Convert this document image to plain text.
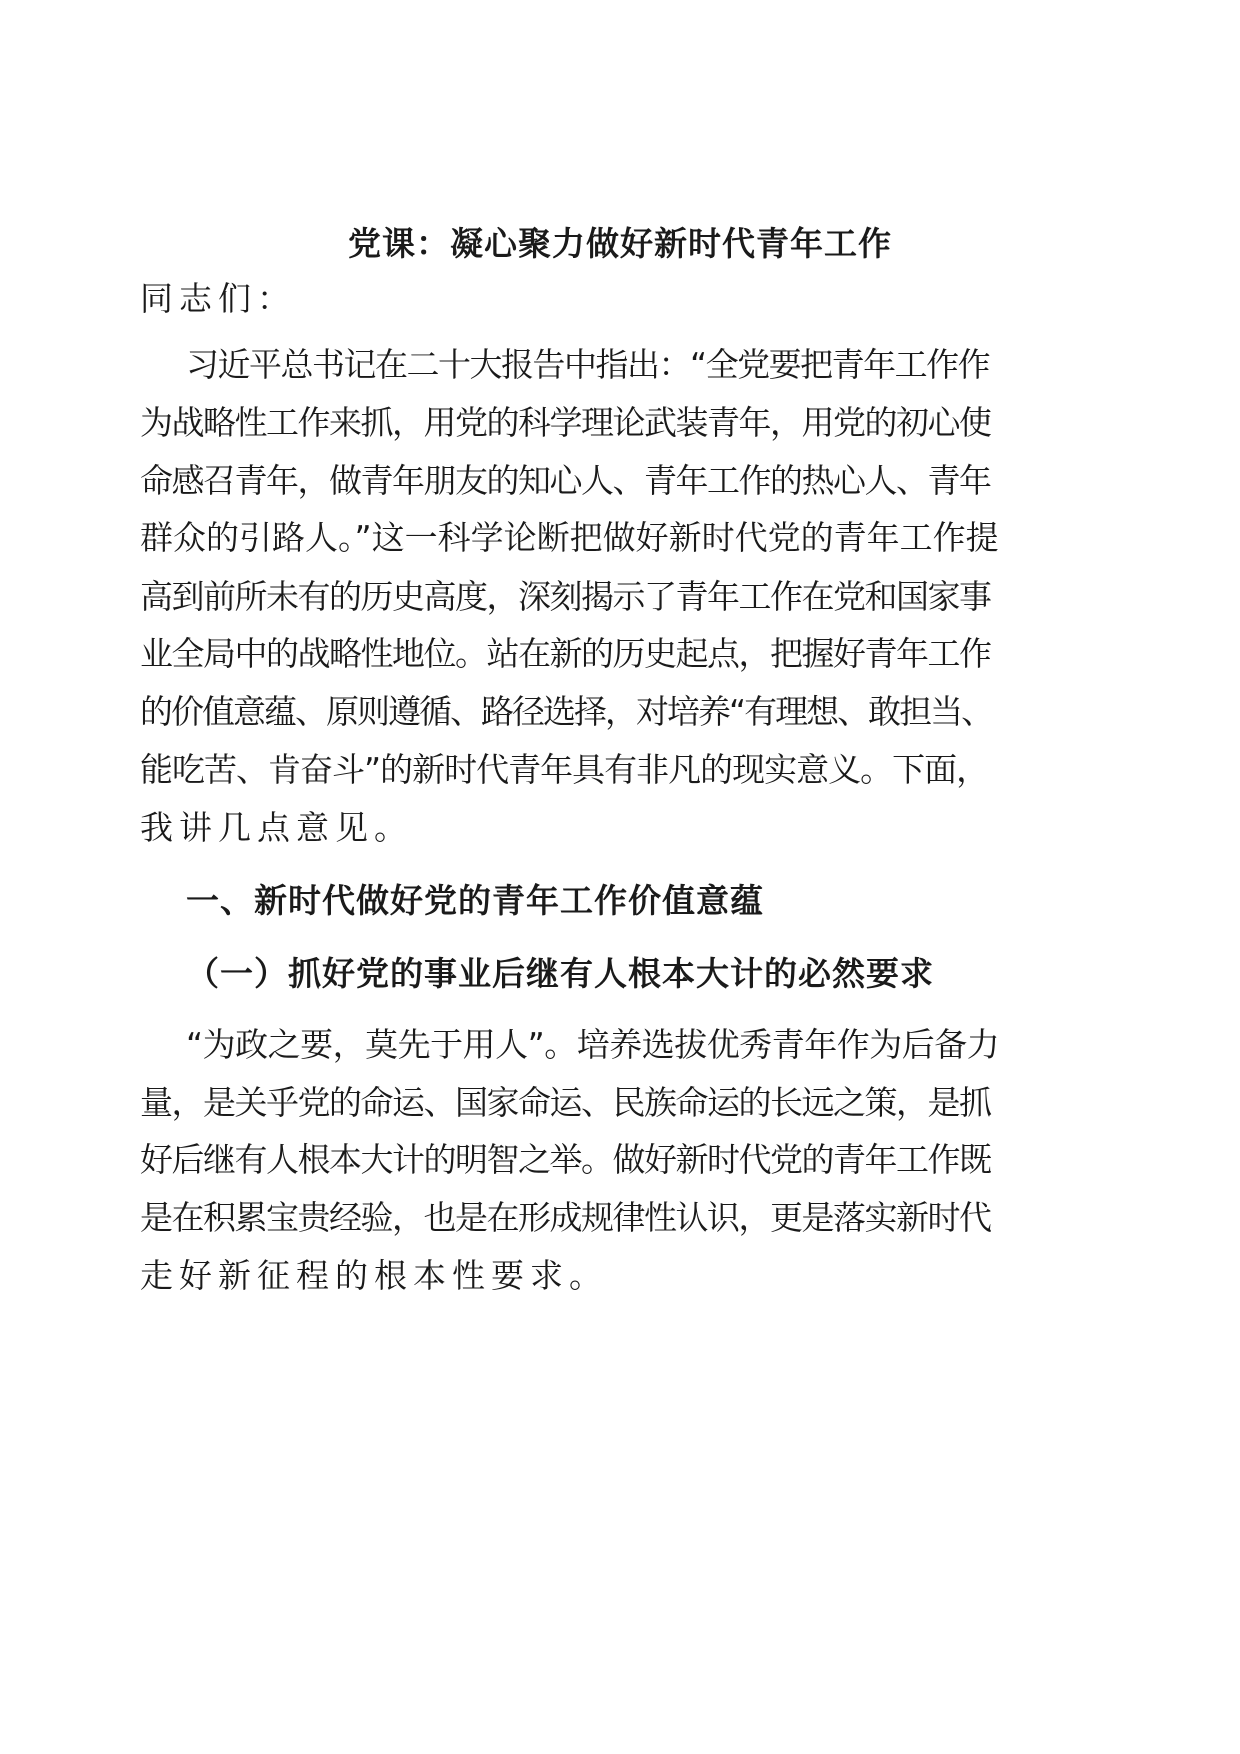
党课：凝心聚力做好新时代青年工作
同志们：
习近平总书记在二十大报告中指出：“全党要把青年工作作
为战略性工作来抓，用党的科学理论武装青年，用党的初心使
命感召青年，做青年朋友的知心人、青年工作的热心人、青年
群众的引路人。”这一科学论断把做好新时代党的青年工作提
高到前所未有的历史高度，深刻揭示了青年工作在党和国家事
业全局中的战略性地位。站在新的历史起点，把握好青年工作
的价值意蕴、原则遵循、路径选择，对培养“有理想、敢担当、
能吃苦、肯奋斗”的新时代青年具有非凡的现实意义。下面，
我讲几点意见。
一、新时代做好党的青年工作价值意蕴
（一）抓好党的事业后继有人根本大计的必然要求
“为政之要，莫先于用人”。培养选拔优秀青年作为后备力
量，是关乎党的命运、国家命运、民族命运的长远之策，是抓
好后继有人根本大计的明智之举。做好新时代党的青年工作既
是在积累宝贵经验，也是在形成规律性认识，更是落实新时代
走好新征程的根本性要求。
